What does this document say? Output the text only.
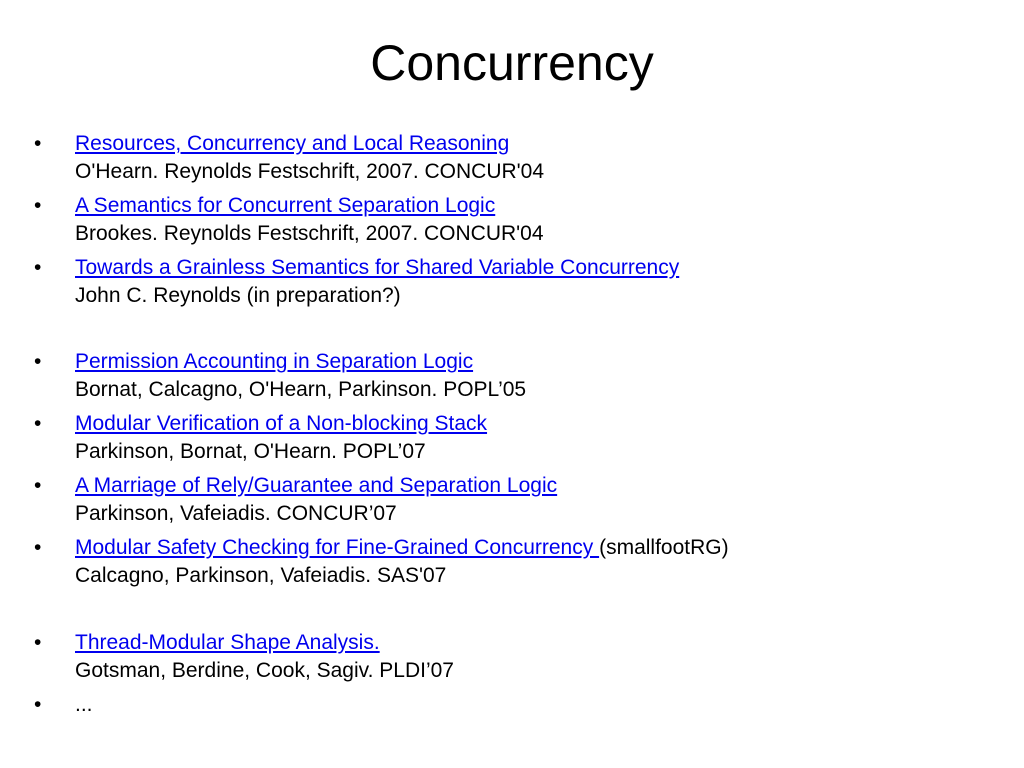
Concurrency
• Resources, Concurrency and Local Reasoning
O'Hearn. Reynolds Festschrift, 2007. CONCUR'04
• A Semantics for Concurrent Separation Logic
Brookes. Reynolds Festschrift, 2007. CONCUR'04
• Towards a Grainless Semantics for Shared Variable Concurrency
John C. Reynolds (in preparation?)
• Permission Accounting in Separation Logic
Bornat, Calcagno, O'Hearn, Parkinson. POPL’05
• Modular Verification of a Non-blocking Stack
Parkinson, Bornat, O'Hearn. POPL’07
• A Marriage of Rely/Guarantee and Separation Logic
Parkinson, Vafeiadis. CONCUR’07
• Modular Safety Checking for Fine-Grained Concurrency (smallfootRG)
Calcagno, Parkinson, Vafeiadis. SAS'07
• Thread-Modular Shape Analysis.
Gotsman, Berdine, Cook, Sagiv. PLDI’07
• ...
